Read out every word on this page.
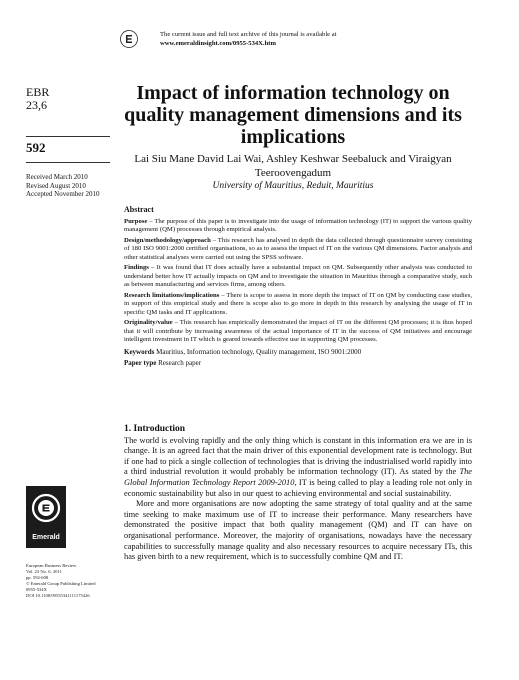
The current issue and full text archive of this journal is available at
www.emeraldinsight.com/0955-534X.htm
EBR
23,6
592
Received March 2010
Revised August 2010
Accepted November 2010
Impact of information technology on quality management dimensions and its implications
Lai Siu Mane David Lai Wai, Ashley Keshwar Seebaluck and Viraigyan Teeroovengadum
University of Mauritius, Reduit, Mauritius
Abstract

Purpose – The purpose of this paper is to investigate into the usage of information technology (IT) to support the various quality management (QM) processes through empirical analysis.

Design/methodology/approach – This research has analysed in depth the data collected through questionnaire survey consisting of 180 ISO 9001:2000 certified organisations, so as to assess the impact of IT on the various QM dimensions. Factor analysis and other statistical analyses were carried out using the SPSS software.

Findings – It was found that IT does actually have a substantial impact on QM. Subsequently other analysis was conducted to understand better how IT actually impacts on QM and to investigate the situation in Mauritius through a comparative study, such as between manufacturing and services firms, among others.

Research limitations/implications – There is scope to assess in more depth the impact of IT on QM by conducting case studies, in support of this empirical study and there is scope also to go more in depth in this research by analysing the usage of IT in specific QM tasks and IT applications.

Originality/value – This research has empirically demonstrated the impact of IT on the different QM processes; it is thus hoped that it will contribute by increasing awareness of the actual importance of IT in the success of QM initiatives and encourage intelligent investment in IT which is geared towards effective use in supporting QM processes.

Keywords Mauritius, Information technology, Quality management, ISO 9001:2000

Paper type Research paper

1. Introduction

The world is evolving rapidly and the only thing which is constant in this information era we are in is change. It is an agreed fact that the main driver of this exponential development rate is technology. But if one had to pick a single collection of technologies that is driving the industrialised world rapidly into a third industrial revolution it would probably be information technology (IT). As stated by the The Global Information Technology Report 2009-2010, IT is being called to play a leading role not only in economic sustainability but also in our quest to achieving environmental and social sustainability.

More and more organisations are now adopting the same strategy of total quality and at the same time seeking to make maximum use of IT to increase their performance. Many researchers have demonstrated the positive impact that both quality management (QM) and IT can have on organisational performance. Moreover, the majority of organisations, nowadays have the necessary capabilities to successfully manage quality and also necessary resources to acquire necessary ITs, this has given birth to a new requirement, which is to successfully combine QM and IT.

Emerald
European Business Review
Vol. 23 No. 6, 2011
pp. 592-608
© Emerald Group Publishing Limited
0955-534X
DOI 10.1108/09555341111175426
